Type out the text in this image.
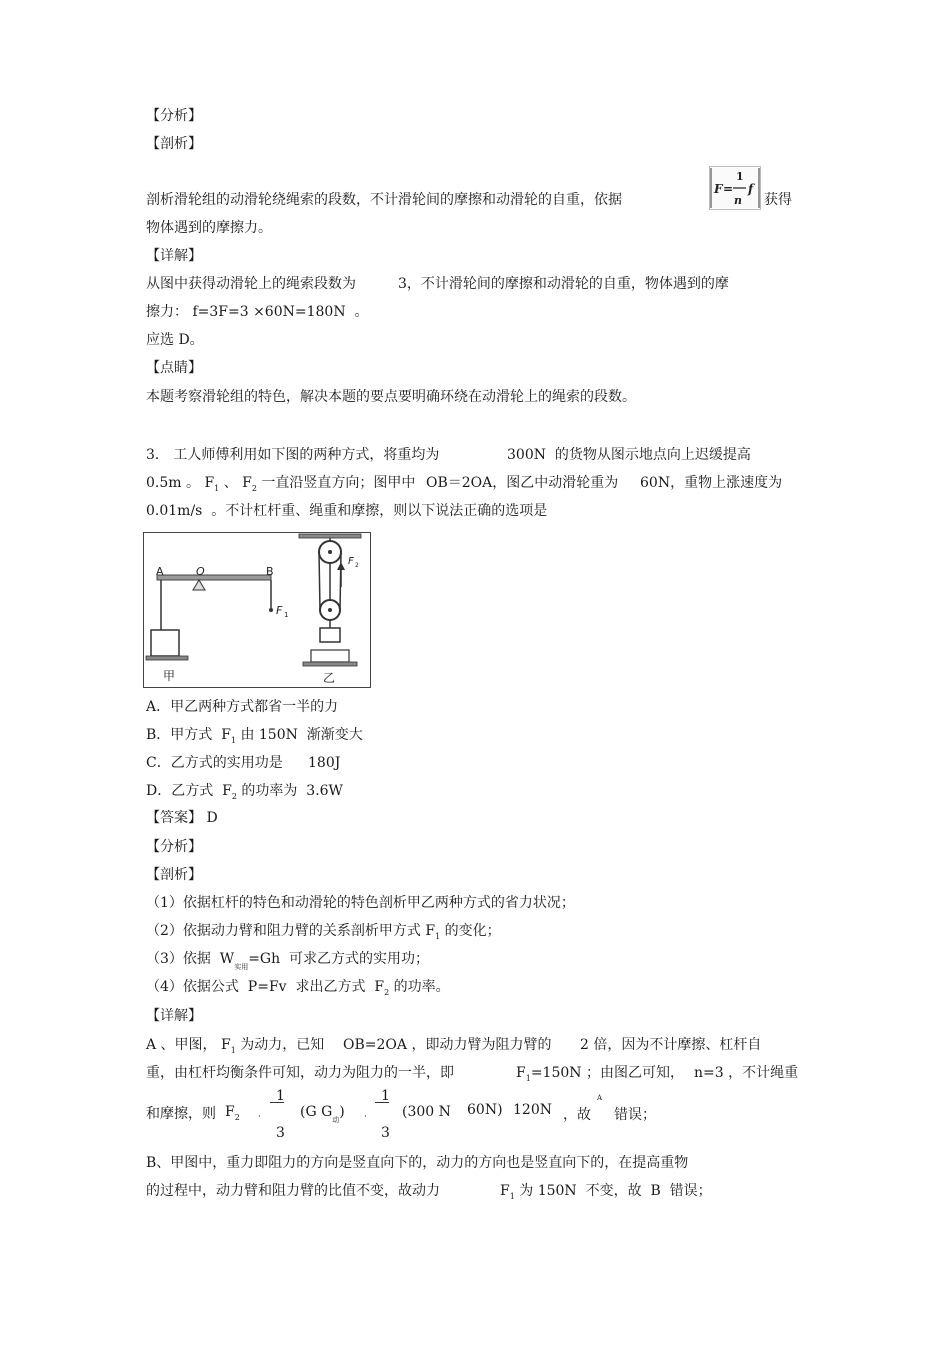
【分析】
【剖析】
剖析滑轮组的动滑轮绕绳索的段数，不计滑轮间的摩擦和动滑轮的自重，依据
F =
1
n
f
获得
物体遇到的摩擦力。
【详解】
从图中获得动滑轮上的绳索段数为	3，不计滑轮间的摩擦和动滑轮的自重，物体遇到的摩
擦力： f=3F=3 ×60N=180N  。
应选 D。
【点睛】
本题考察滑轮组的特色，解决本题的要点要明确环绕在动滑轮上的绳索的段数。
3． 工人师傅利用如下图的两种方式，将重均为	300N  的货物从图示地点向上迟缓提高
0.5m 。 $F_1$ 、 $F_2$ 一直沿竖直方向；图甲中 OB＝2OA，图乙中动滑轮重为 60N，重物上涨速度为
0.01m/s  。不计杠杆重、绳重和摩擦，则以下说法正确的选项是
A	O	B
F 1
甲
F 2
乙
A．甲乙两种方式都省一半的力
B．甲方式  $F_1$ 由 150N  渐渐变大
C．乙方式的实用功是 180J
D．乙方式  $F_2$ 的功率为  3.6W
【答案】 D
【分析】
【剖析】
（1）依据杠杆的特色和动滑轮的特色剖析甲乙两种方式的省力状况；
（2）依据动力臂和阻力臂的关系剖析甲方式 $F_1$ 的变化；
（3）依据  $W_{实用}=Gh$  可求乙方式的实用功；
（4）依据公式  P=Fv  求出乙方式  $F_2$ 的功率。
【详解】
A 、甲图， $F_1$ 为动力，已知 OB=2OA ，即动力臂为阻力臂的 2 倍，因为不计摩擦、杠杆自
重，由杠杆均衡条件可知，动力为阻力的一半，即	$F_1=150N$ ；由图乙可知， n=3 ，不计绳重
和摩擦，则 $F_2$ ·
1
3
(G $G_动$) ·
1
3
(300 N 60N) 120N ，故
A
错误；
B、甲图中，重力即阻力的方向是竖直向下的，动力的方向也是竖直向下的，在提高重物
的过程中，动力臂和阻力臂的比值不变，故动力	$F_1$ 为 150N  不变，故  B  错误；
